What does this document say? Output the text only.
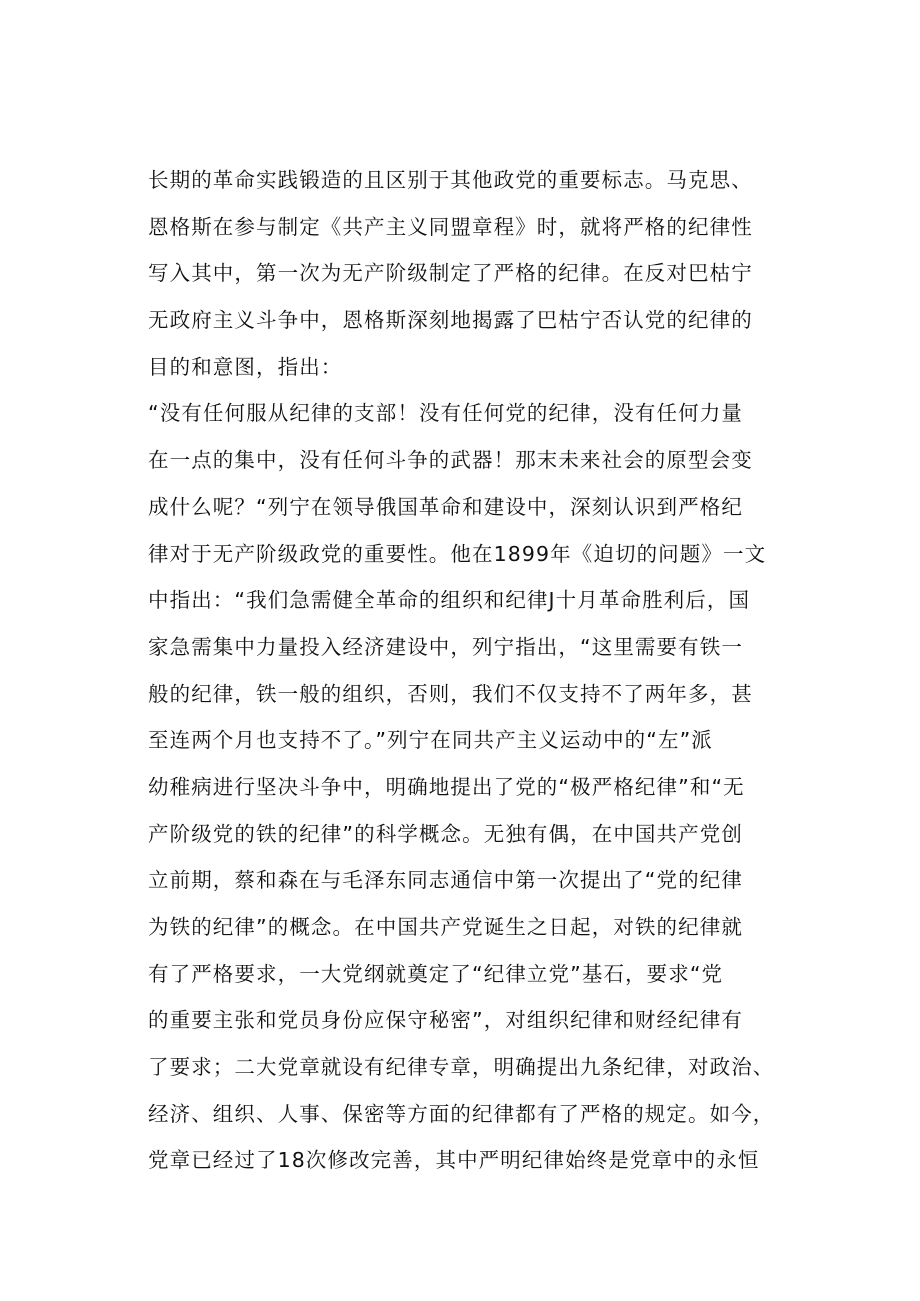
长期的革命实践锻造的且区别于其他政党的重要标志。马克思、
恩格斯在参与制定《共产主义同盟章程》时，就将严格的纪律性
写入其中，第一次为无产阶级制定了严格的纪律。在反对巴枯宁
无政府主义斗争中，恩格斯深刻地揭露了巴枯宁否认党的纪律的
目的和意图，指出：
“没有任何服从纪律的支部！没有任何党的纪律，没有任何力量
在一点的集中，没有任何斗争的武器！那末未来社会的原型会变
成什么呢？“列宁在领导俄国革命和建设中，深刻认识到严格纪
律对于无产阶级政党的重要性。他在1899年《迫切的问题》一文
中指出：“我们急需健全革命的组织和纪律J十月革命胜利后，国
家急需集中力量投入经济建设中，列宁指出，“这里需要有铁一
般的纪律，铁一般的组织，否则，我们不仅支持不了两年多，甚
至连两个月也支持不了。”列宁在同共产主义运动中的“左”派
幼稚病进行坚决斗争中，明确地提出了党的“极严格纪律”和“无
产阶级党的铁的纪律”的科学概念。无独有偶，在中国共产党创
立前期，蔡和森在与毛泽东同志通信中第一次提出了“党的纪律
为铁的纪律”的概念。在中国共产党诞生之日起，对铁的纪律就
有了严格要求，一大党纲就奠定了“纪律立党”基石，要求“党
的重要主张和党员身份应保守秘密”，对组织纪律和财经纪律有
了要求；二大党章就设有纪律专章，明确提出九条纪律，对政治、
经济、组织、人事、保密等方面的纪律都有了严格的规定。如今，
党章已经过了18次修改完善，其中严明纪律始终是党章中的永恒
